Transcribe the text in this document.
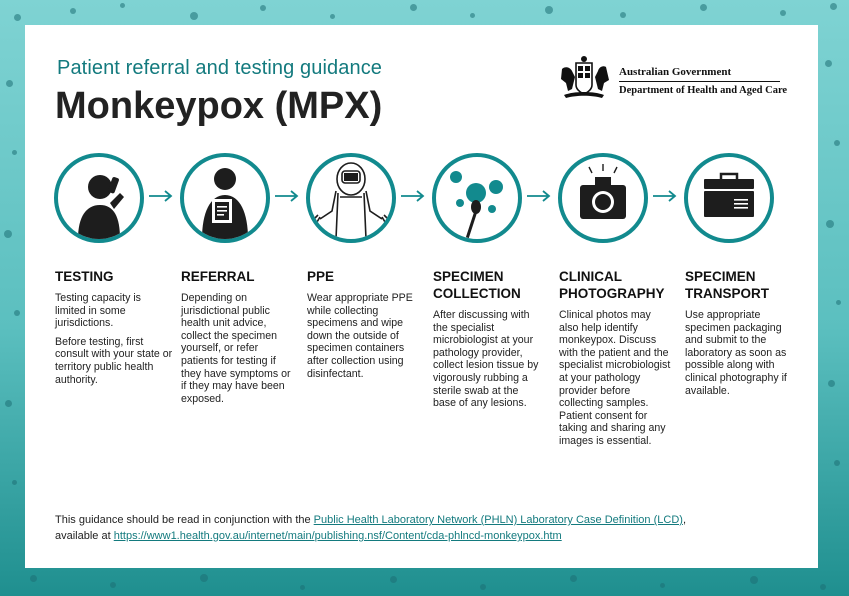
Patient referral and testing guidance
Monkeypox (MPX)
Australian Government
Department of Health and Aged Care
TESTING

Testing capacity is limited in some jurisdictions.

Before testing, first consult with your state or territory public health authority.

REFERRAL

Depending on jurisdictional public health unit advice, collect the specimen yourself, or refer patients for testing if they have symptoms or if they may have been exposed.

PPE

Wear appropriate PPE while collecting specimens and wipe down the outside of specimen containers after collection using disinfectant.

SPECIMEN
COLLECTION

After discussing with the specialist microbiologist at your pathology provider, collect lesion tissue by vigorously rubbing a sterile swab at the base of any lesions.

CLINICAL
PHOTOGRAPHY

Clinical photos may also help identify monkeypox. Discuss with the patient and the specialist microbiologist at your pathology provider before collecting samples. Patient consent for taking and sharing any images is essential.

SPECIMEN
TRANSPORT

Use appropriate specimen packaging and submit to the laboratory as soon as possible along with clinical photography if available.

This guidance should be read in conjunction with the Public Health Laboratory Network (PHLN) Laboratory Case Definition (LCD),
available at https://www1.health.gov.au/internet/main/publishing.nsf/Content/cda-phlncd-monkeypox.htm
